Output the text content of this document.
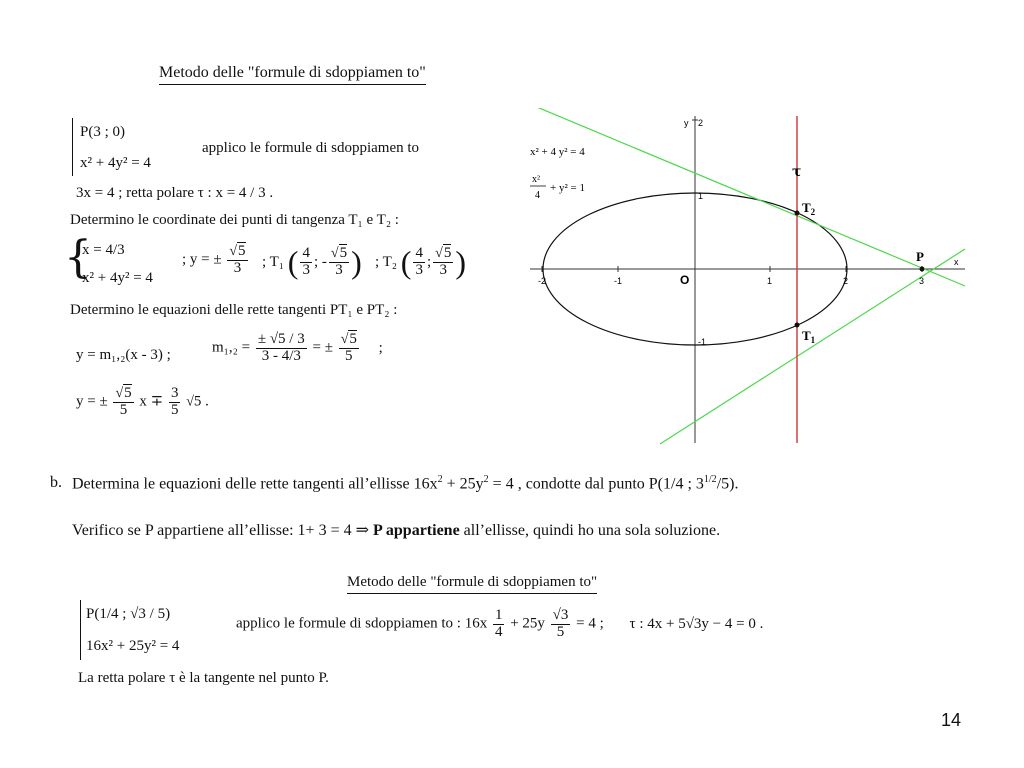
Metodo delle "formule di sdoppiamen to"
P(3 ; 0)
x² + 4y² = 4
applico le formule di sdoppiamen to
3x = 4 ; retta polare τ : x = 4 / 3 .
Determino le coordinate dei punti di tangenza T₁ e T₂ :
{
x = 4/3
x² + 4y² = 4
; y = ± $\frac{√5}{3}$ ; T₁ ( $\frac{4}{3}$ ; - $\frac{√5}{3}$ ) ; T₂ ( $\frac{4}{3}$ ; $\frac{√5}{3}$ )
Determino le equazioni delle rette tangenti PT₁ e PT₂ :
y = m₁,₂(x - 3) ;	$m_1,_2 = \frac{\pm √5 / 3}{3 - 4/3}$ = ± $\frac{√5}{5}$ ;
y = ± $\frac{√5}{5}$ $x \mp \frac{3}{5} √5$ .
x² + 4 y² = 4
x²
4
+ y² = 1
y 2
1
-1
-2	-1	O	1	2	3
x
τ
$T_2$
$T_1$
P
b. Determina le equazioni delle rette tangenti all’ellisse $16x^2 + 25y^2 = 4$ , condotte dal punto P(1/4 ; $3^{1/2}/5$).
Verifico se P appartiene all’ellisse: 1+ 3 = 4 ⇒ P appartiene all’ellisse, quindi ho una sola soluzione.
Metodo delle "formule di sdoppiamen to"
P(1/4 ; √3 / 5)
16x² + 25y² = 4
applico le formule di sdoppiamen to : $16x \frac{1}{4} + 25y \frac{√3}{5} = 4$ ; τ : 4x + 5√3y − 4 = 0 .
La retta polare τ è la tangente nel punto P.
14
